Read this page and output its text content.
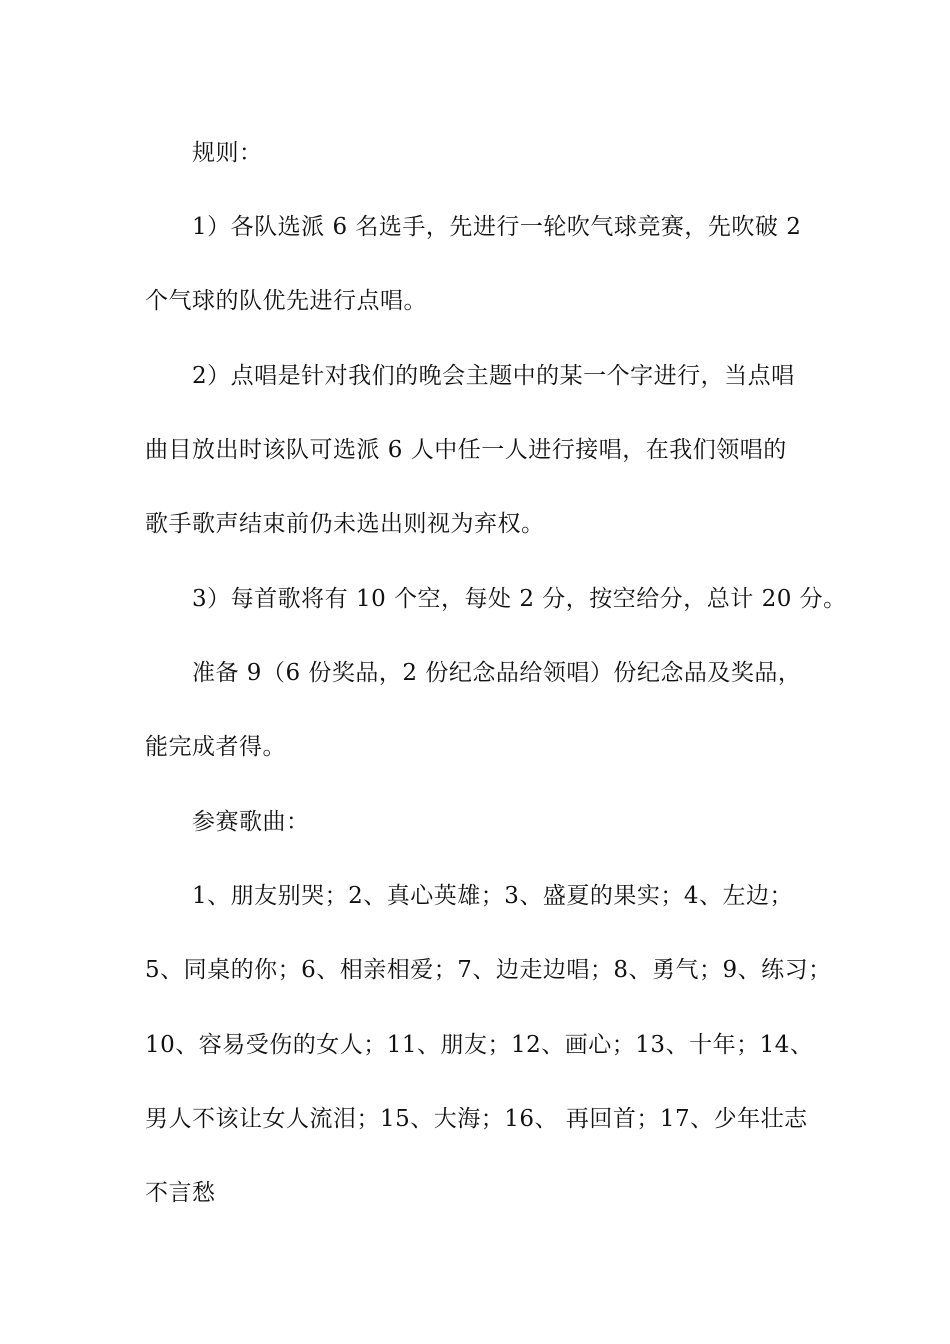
规则：
1）各队选派 6 名选手，先进行一轮吹气球竞赛，先吹破 2
个气球的队优先进行点唱。
2）点唱是针对我们的晚会主题中的某一个字进行，当点唱
曲目放出时该队可选派 6 人中任一人进行接唱，在我们领唱的
歌手歌声结束前仍未选出则视为弃权。
3）每首歌将有 10 个空，每处 2 分，按空给分，总计 20 分。
准备 9（6 份奖品，2 份纪念品给领唱）份纪念品及奖品，
能完成者得。
参赛歌曲：
1、朋友别哭；2、真心英雄；3、盛夏的果实；4、左边；
5、同桌的你；6、相亲相爱；7、边走边唱；8、勇气；9、练习；
10、容易受伤的女人；11、朋友；12、画心；13、十年；14、
男人不该让女人流泪；15、大海；16、 再回首；17、少年壮志
不言愁
